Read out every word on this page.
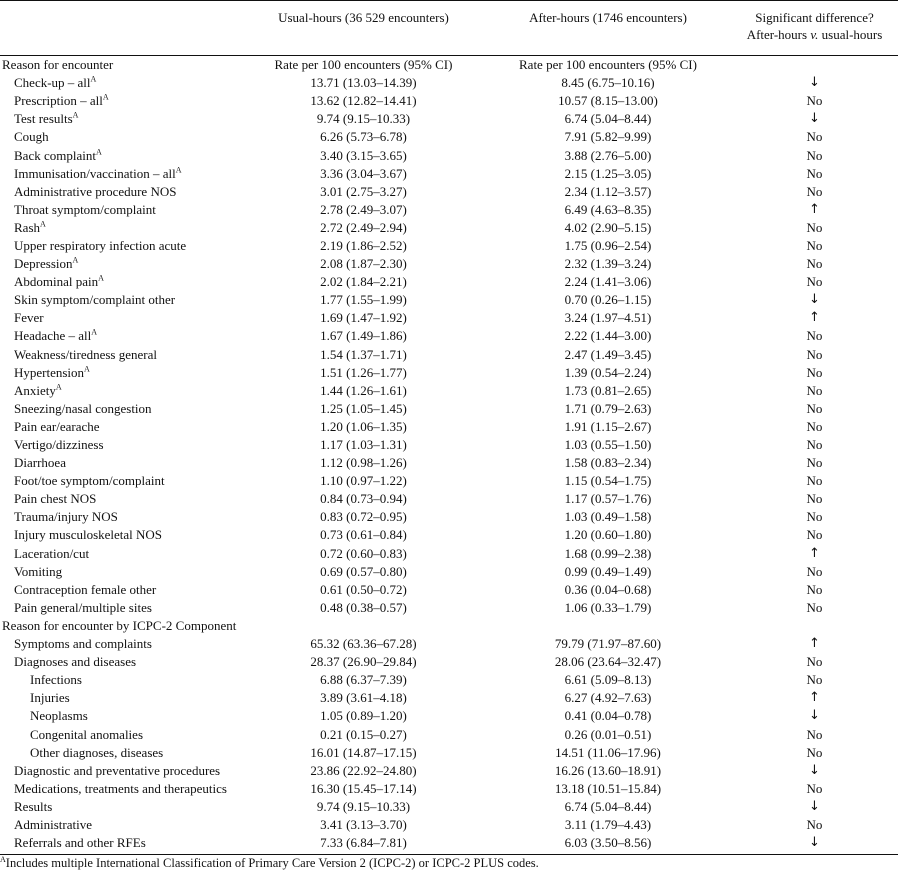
	Usual-hours (36 529 encounters)	After-hours (1746 encounters)	Significant difference?
After-hours v. usual-hours
Reason for encounter	Rate per 100 encounters (95% CI)	Rate per 100 encounters (95% CI)	
Check-up – all$^A$	13.71 (13.03–14.39)	8.45 (6.75–10.16)	↓
Prescription – all$^A$	13.62 (12.82–14.41)	10.57 (8.15–13.00)	No
Test results$^A$	9.74 (9.15–10.33)	6.74 (5.04–8.44)	↓
Cough	6.26 (5.73–6.78)	7.91 (5.82–9.99)	No
Back complaint$^A$	3.40 (3.15–3.65)	3.88 (2.76–5.00)	No
Immunisation/vaccination – all$^A$	3.36 (3.04–3.67)	2.15 (1.25–3.05)	No
Administrative procedure NOS	3.01 (2.75–3.27)	2.34 (1.12–3.57)	No
Throat symptom/complaint	2.78 (2.49–3.07)	6.49 (4.63–8.35)	↑
Rash$^A$	2.72 (2.49–2.94)	4.02 (2.90–5.15)	No
Upper respiratory infection acute	2.19 (1.86–2.52)	1.75 (0.96–2.54)	No
Depression$^A$	2.08 (1.87–2.30)	2.32 (1.39–3.24)	No
Abdominal pain$^A$	2.02 (1.84–2.21)	2.24 (1.41–3.06)	No
Skin symptom/complaint other	1.77 (1.55–1.99)	0.70 (0.26–1.15)	↓
Fever	1.69 (1.47–1.92)	3.24 (1.97–4.51)	↑
Headache – all$^A$	1.67 (1.49–1.86)	2.22 (1.44–3.00)	No
Weakness/tiredness general	1.54 (1.37–1.71)	2.47 (1.49–3.45)	No
Hypertension$^A$	1.51 (1.26–1.77)	1.39 (0.54–2.24)	No
Anxiety$^A$	1.44 (1.26–1.61)	1.73 (0.81–2.65)	No
Sneezing/nasal congestion	1.25 (1.05–1.45)	1.71 (0.79–2.63)	No
Pain ear/earache	1.20 (1.06–1.35)	1.91 (1.15–2.67)	No
Vertigo/dizziness	1.17 (1.03–1.31)	1.03 (0.55–1.50)	No
Diarrhoea	1.12 (0.98–1.26)	1.58 (0.83–2.34)	No
Foot/toe symptom/complaint	1.10 (0.97–1.22)	1.15 (0.54–1.75)	No
Pain chest NOS	0.84 (0.73–0.94)	1.17 (0.57–1.76)	No
Trauma/injury NOS	0.83 (0.72–0.95)	1.03 (0.49–1.58)	No
Injury musculoskeletal NOS	0.73 (0.61–0.84)	1.20 (0.60–1.80)	No
Laceration/cut	0.72 (0.60–0.83)	1.68 (0.99–2.38)	↑
Vomiting	0.69 (0.57–0.80)	0.99 (0.49–1.49)	No
Contraception female other	0.61 (0.50–0.72)	0.36 (0.04–0.68)	No
Pain general/multiple sites	0.48 (0.38–0.57)	1.06 (0.33–1.79)	No
Reason for encounter by ICPC-2 Component			
Symptoms and complaints	65.32 (63.36–67.28)	79.79 (71.97–87.60)	↑
Diagnoses and diseases	28.37 (26.90–29.84)	28.06 (23.64–32.47)	No
Infections	6.88 (6.37–7.39)	6.61 (5.09–8.13)	No
Injuries	3.89 (3.61–4.18)	6.27 (4.92–7.63)	↑
Neoplasms	1.05 (0.89–1.20)	0.41 (0.04–0.78)	↓
Congenital anomalies	0.21 (0.15–0.27)	0.26 (0.01–0.51)	No
Other diagnoses, diseases	16.01 (14.87–17.15)	14.51 (11.06–17.96)	No
Diagnostic and preventative procedures	23.86 (22.92–24.80)	16.26 (13.60–18.91)	↓
Medications, treatments and therapeutics	16.30 (15.45–17.14)	13.18 (10.51–15.84)	No
Results	9.74 (9.15–10.33)	6.74 (5.04–8.44)	↓
Administrative	3.41 (3.13–3.70)	3.11 (1.79–4.43)	No
Referrals and other RFEs	7.33 (6.84–7.81)	6.03 (3.50–8.56)	↓
$^A$Includes multiple International Classification of Primary Care Version 2 (ICPC-2) or ICPC-2 PLUS codes.
